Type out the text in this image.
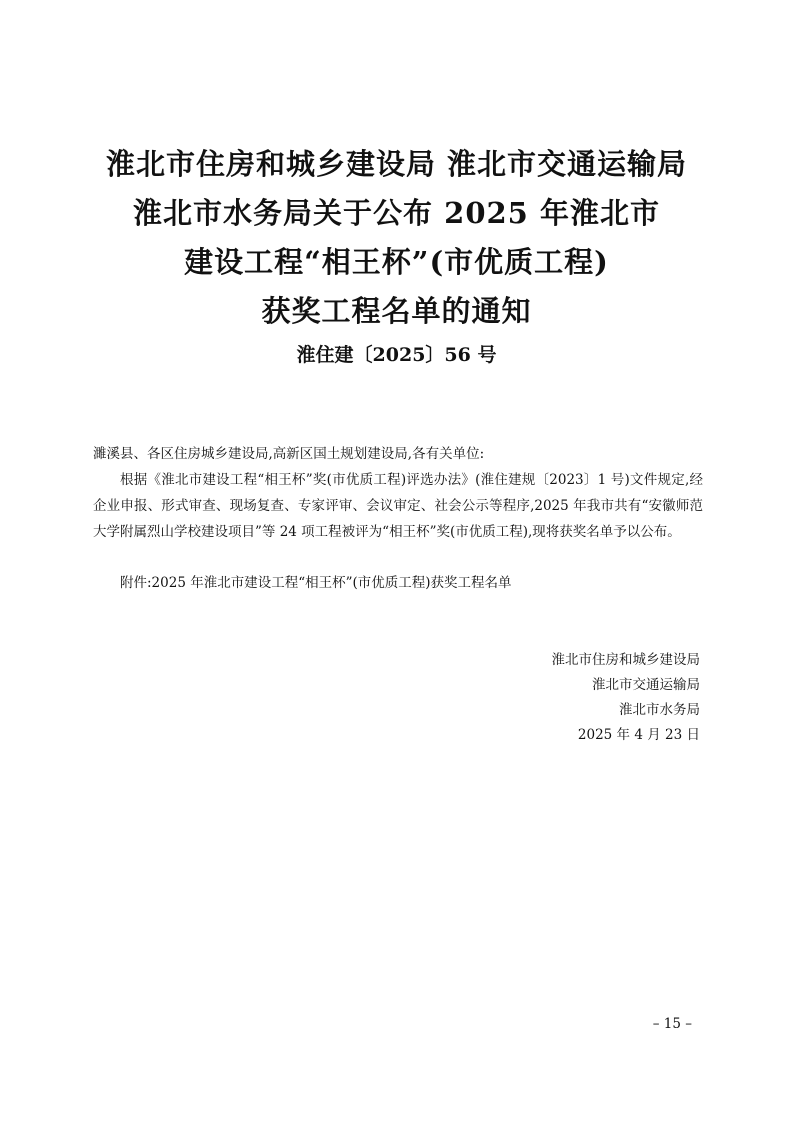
淮北市住房和城乡建设局 淮北市交通运输局
淮北市水务局关于公布 2025 年淮北市
建设工程“相王杯”(市优质工程)
获奖工程名单的通知
淮住建〔2025〕56 号
濉溪县、各区住房城乡建设局,高新区国土规划建设局,各有关单位:
根据《淮北市建设工程“相王杯”奖(市优质工程)评选办法》(淮住建规〔2023〕1 号)文件规定,经企业申报、形式审查、现场复查、专家评审、会议审定、社会公示等程序,2025 年我市共有“安徽师范大学附属烈山学校建设项目”等 24 项工程被评为“相王杯”奖(市优质工程),现将获奖名单予以公布。
附件:2025 年淮北市建设工程“相王杯”(市优质工程)获奖工程名单
淮北市住房和城乡建设局
淮北市交通运输局
淮北市水务局
2025 年 4 月 23 日
– 15 –
